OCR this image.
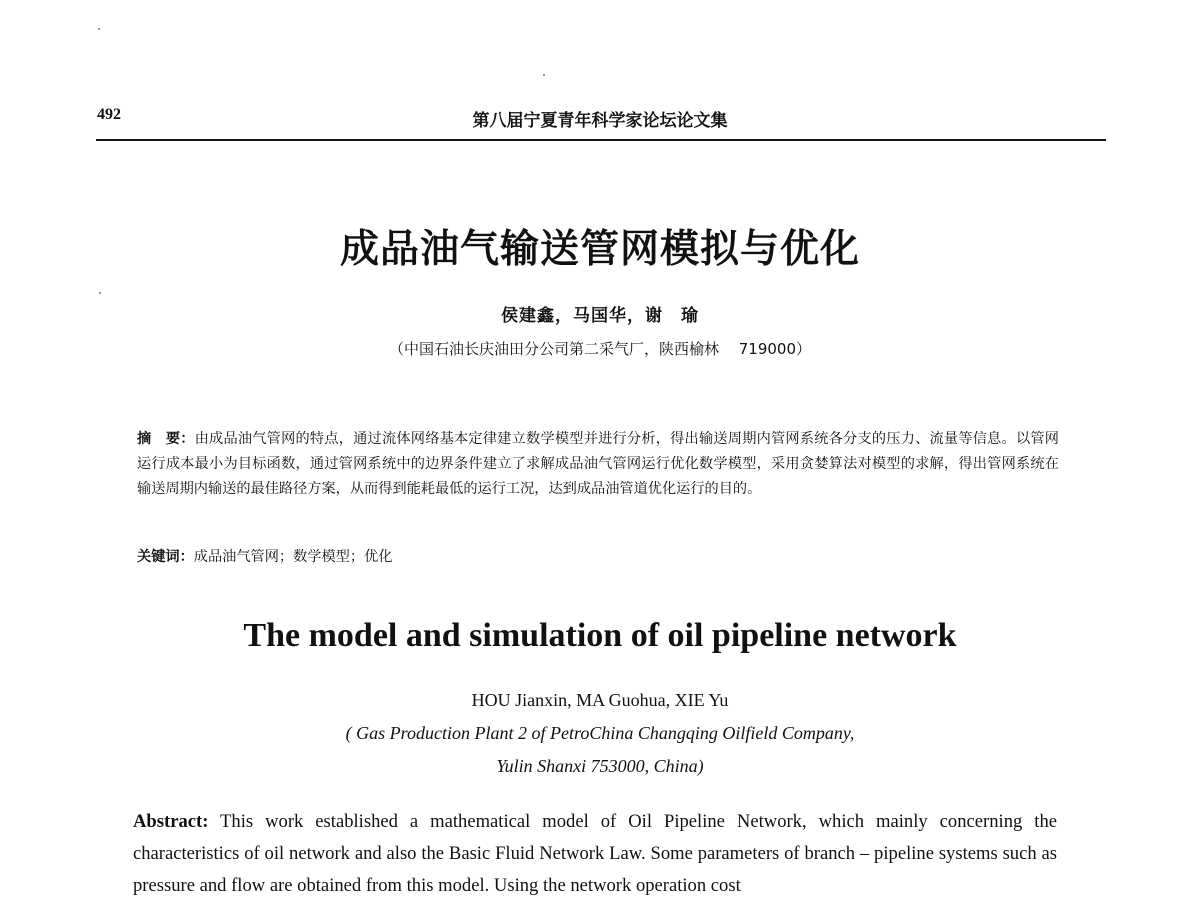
492	第八届宁夏青年科学家论坛论文集
成品油气输送管网模拟与优化
侯建鑫，马国华，谢　瑜
（中国石油长庆油田分公司第二采气厂，陕西榆林　 719000）
摘　要：由成品油气管网的特点，通过流体网络基本定律建立数学模型并进行分析，得出输送周期内管网系统各分支的压力、流量等信息。以管网运行成本最小为目标函数，通过管网系统中的边界条件建立了求解成品油气管网运行优化数学模型，采用贪婪算法对模型的求解，得出管网系统在输送周期内输送的最佳路径方案，从而得到能耗最低的运行工况，达到成品油管道优化运行的目的。
关键词：成品油气管网；数学模型；优化
The model and simulation of oil pipeline network
HOU Jianxin, MA Guohua, XIE Yu
( Gas Production Plant 2 of PetroChina Changqing Oilfield Company,
Yulin Shanxi 753000, China)
Abstract: This work established a mathematical model of Oil Pipeline Network, which mainly concerning the characteristics of oil network and also the Basic Fluid Network Law. Some parameters of branch – pipeline systems such as pressure and flow are obtained from this model. Using the network operation cost
